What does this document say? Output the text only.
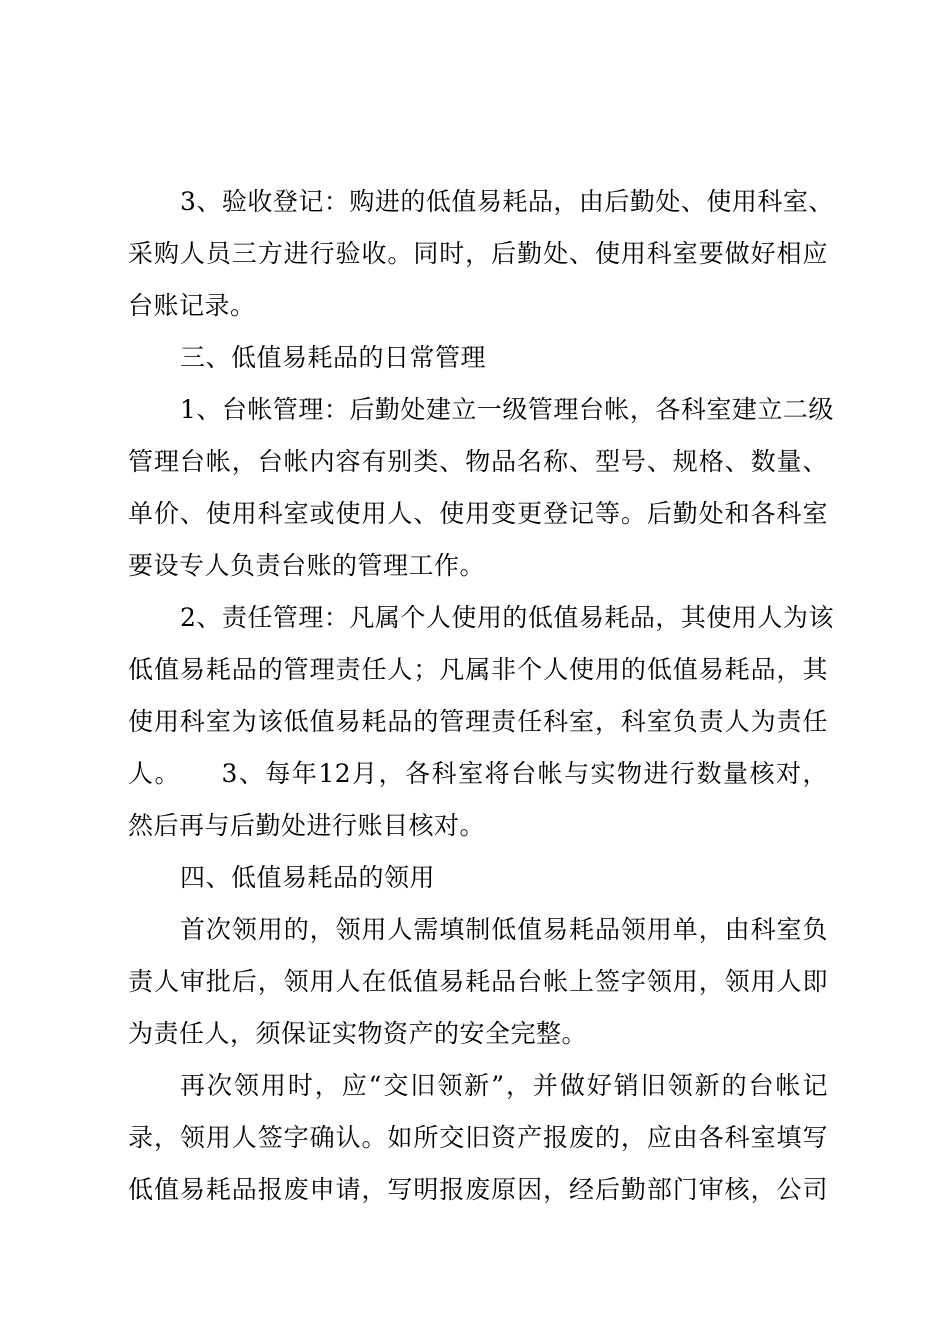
3、验收登记：购进的低值易耗品，由后勤处、使用科室、
采购人员三方进行验收。同时，后勤处、使用科室要做好相应
台账记录。
三、低值易耗品的日常管理
1、台帐管理：后勤处建立一级管理台帐，各科室建立二级
管理台帐，台帐内容有别类、物品名称、型号、规格、数量、
单价、使用科室或使用人、使用变更登记等。后勤处和各科室
要设专人负责台账的管理工作。
2、责任管理：凡属个人使用的低值易耗品，其使用人为该
低值易耗品的管理责任人；凡属非个人使用的低值易耗品，其
使用科室为该低值易耗品的管理责任科室，科室负责人为责任
人。　　3、每年12月，各科室将台帐与实物进行数量核对，
然后再与后勤处进行账目核对。
四、低值易耗品的领用
首次领用的，领用人需填制低值易耗品领用单，由科室负
责人审批后，领用人在低值易耗品台帐上签字领用，领用人即
为责任人，须保证实物资产的安全完整。
再次领用时，应“交旧领新”，并做好销旧领新的台帐记
录，领用人签字确认。如所交旧资产报废的，应由各科室填写
低值易耗品报废申请，写明报废原因，经后勤部门审核，公司
